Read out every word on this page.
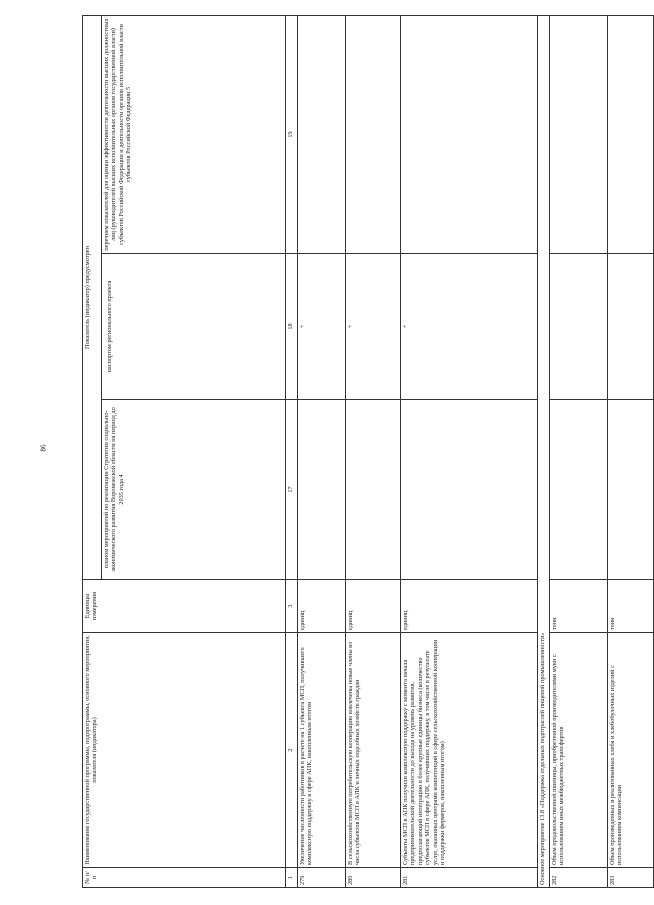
86
№ п/п	Наименование государственной программы, подпрограммы, основного мероприятия, показателя (индикатора)	Единицы измерения	Показатель (индикатор) предусмотрен		
			планом мероприятий по реализации Стратегии социально-экономического развития Воронежской области на период до 2035 года 4	паспортом регионального проекта	перечнем показателей для оценки эффективности деятельности высших должностных лиц (руководителей высших исполнительных органов государственной власти) субъектов Российской Федерации и деятельности органов исполнительной власти субъектов Российской Федерации 5
1	2	3	17	18	19
279	Увеличение численности работников в расчете на 1 субъекта МСП, получившего комплексную поддержку в сфере АПК, накопленным итогом	единиц		+	
280	В сельскохозяйственную потребительскую кооперацию вовлечены новые члены из числа субъектов МСП в АПК и личных подсобных хозяйств граждан	единиц		+	
281	Субъекты МСП в АПК получили комплексную поддержку с момента начала предпринимательской деятельности до выхода на уровень развития, предполагающий интеграцию в более крупные единицы бизнеса (количество субъектов МСП в сфере АПК, получивших поддержку, в том числе в результате услуг, оказанных центрами компетенций в сфере сельскохозяйственной кооперации и поддержки фермеров, накопленным итогом)	единиц		+	
Основное мероприятие 13.8 «Поддержка отдельных подотраслей пищевой промышленности»					
282	Объем продовольственной пшеницы, приобретенной производителями муки с использованием иных межбюджетных трансфертов	тонн			
283	Объем произведенных и реализованных хлеба и хлебобулочных изделий с использованием компенсации	тонн			
